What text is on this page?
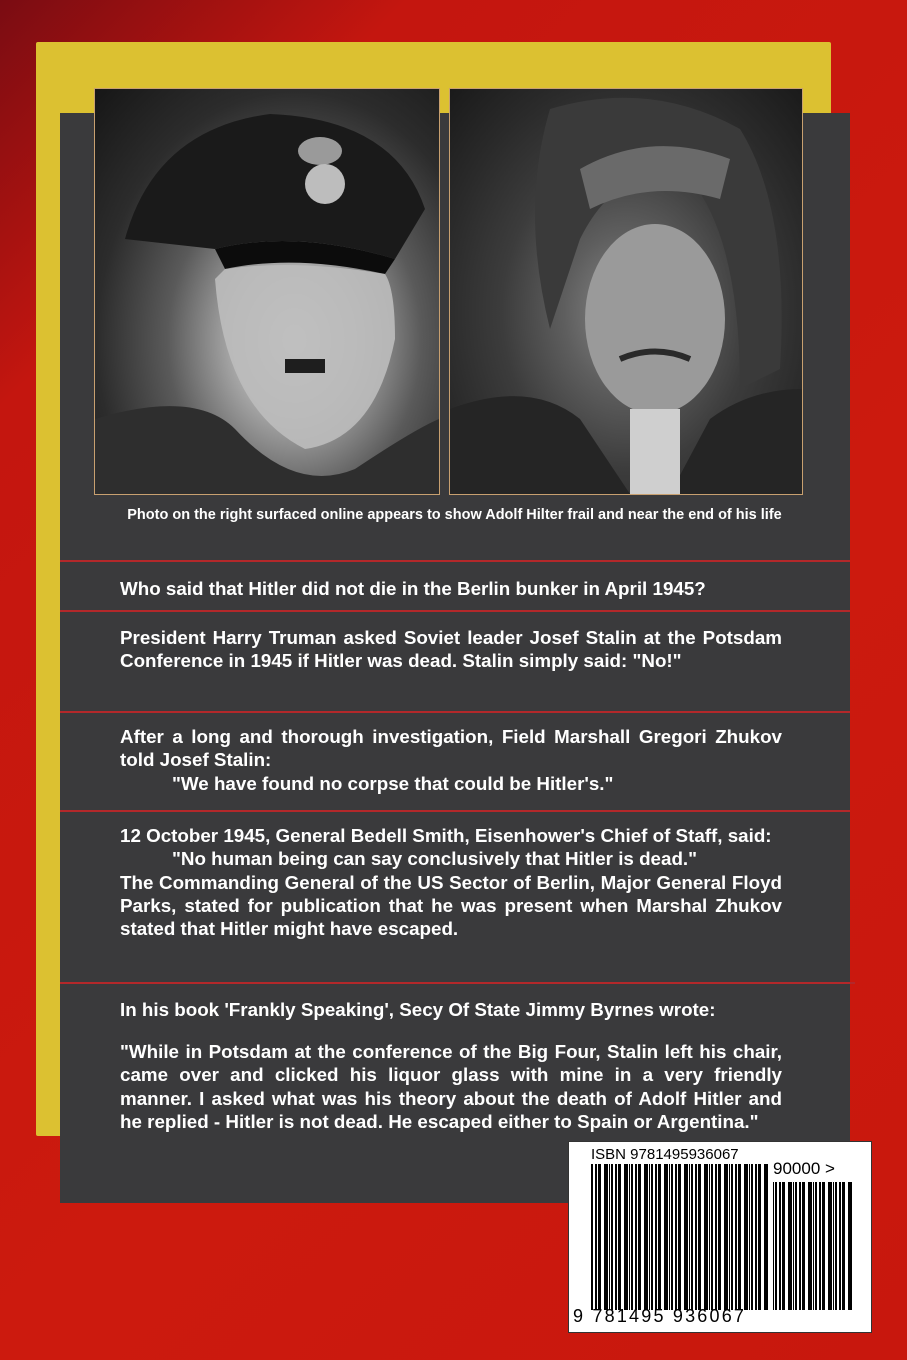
Photo on the right surfaced online appears to show Adolf Hilter frail and near the end of his life
Who said that Hitler did not die in the Berlin bunker in April 1945?

President Harry Truman asked Soviet leader Josef Stalin at the Potsdam Conference in 1945 if Hitler was dead. Stalin simply said: "No!"

After a long and thorough investigation, Field Marshall Gregori Zhukov told Josef Stalin:

"We have found no corpse that could be Hitler's."

12 October 1945, General Bedell Smith, Eisenhower's Chief of Staff, said:

"No human being can say conclusively that Hitler is dead."

The Commanding General of the US Sector of Berlin, Major General Floyd Parks, stated for publication that he was present when Marshal Zhukov stated that Hitler might have escaped.

In his book 'Frankly Speaking', Secy Of State Jimmy Byrnes wrote:
"While in Potsdam at the conference of the Big Four, Stalin left his chair, came over and clicked his liquor glass with mine in a very friendly manner. I asked what was his theory about the death of Adolf Hitler and he replied - Hitler is not dead. He escaped either to Spain or Argentina."
ISBN 9781495936067
90000 >
9 781495 936067
